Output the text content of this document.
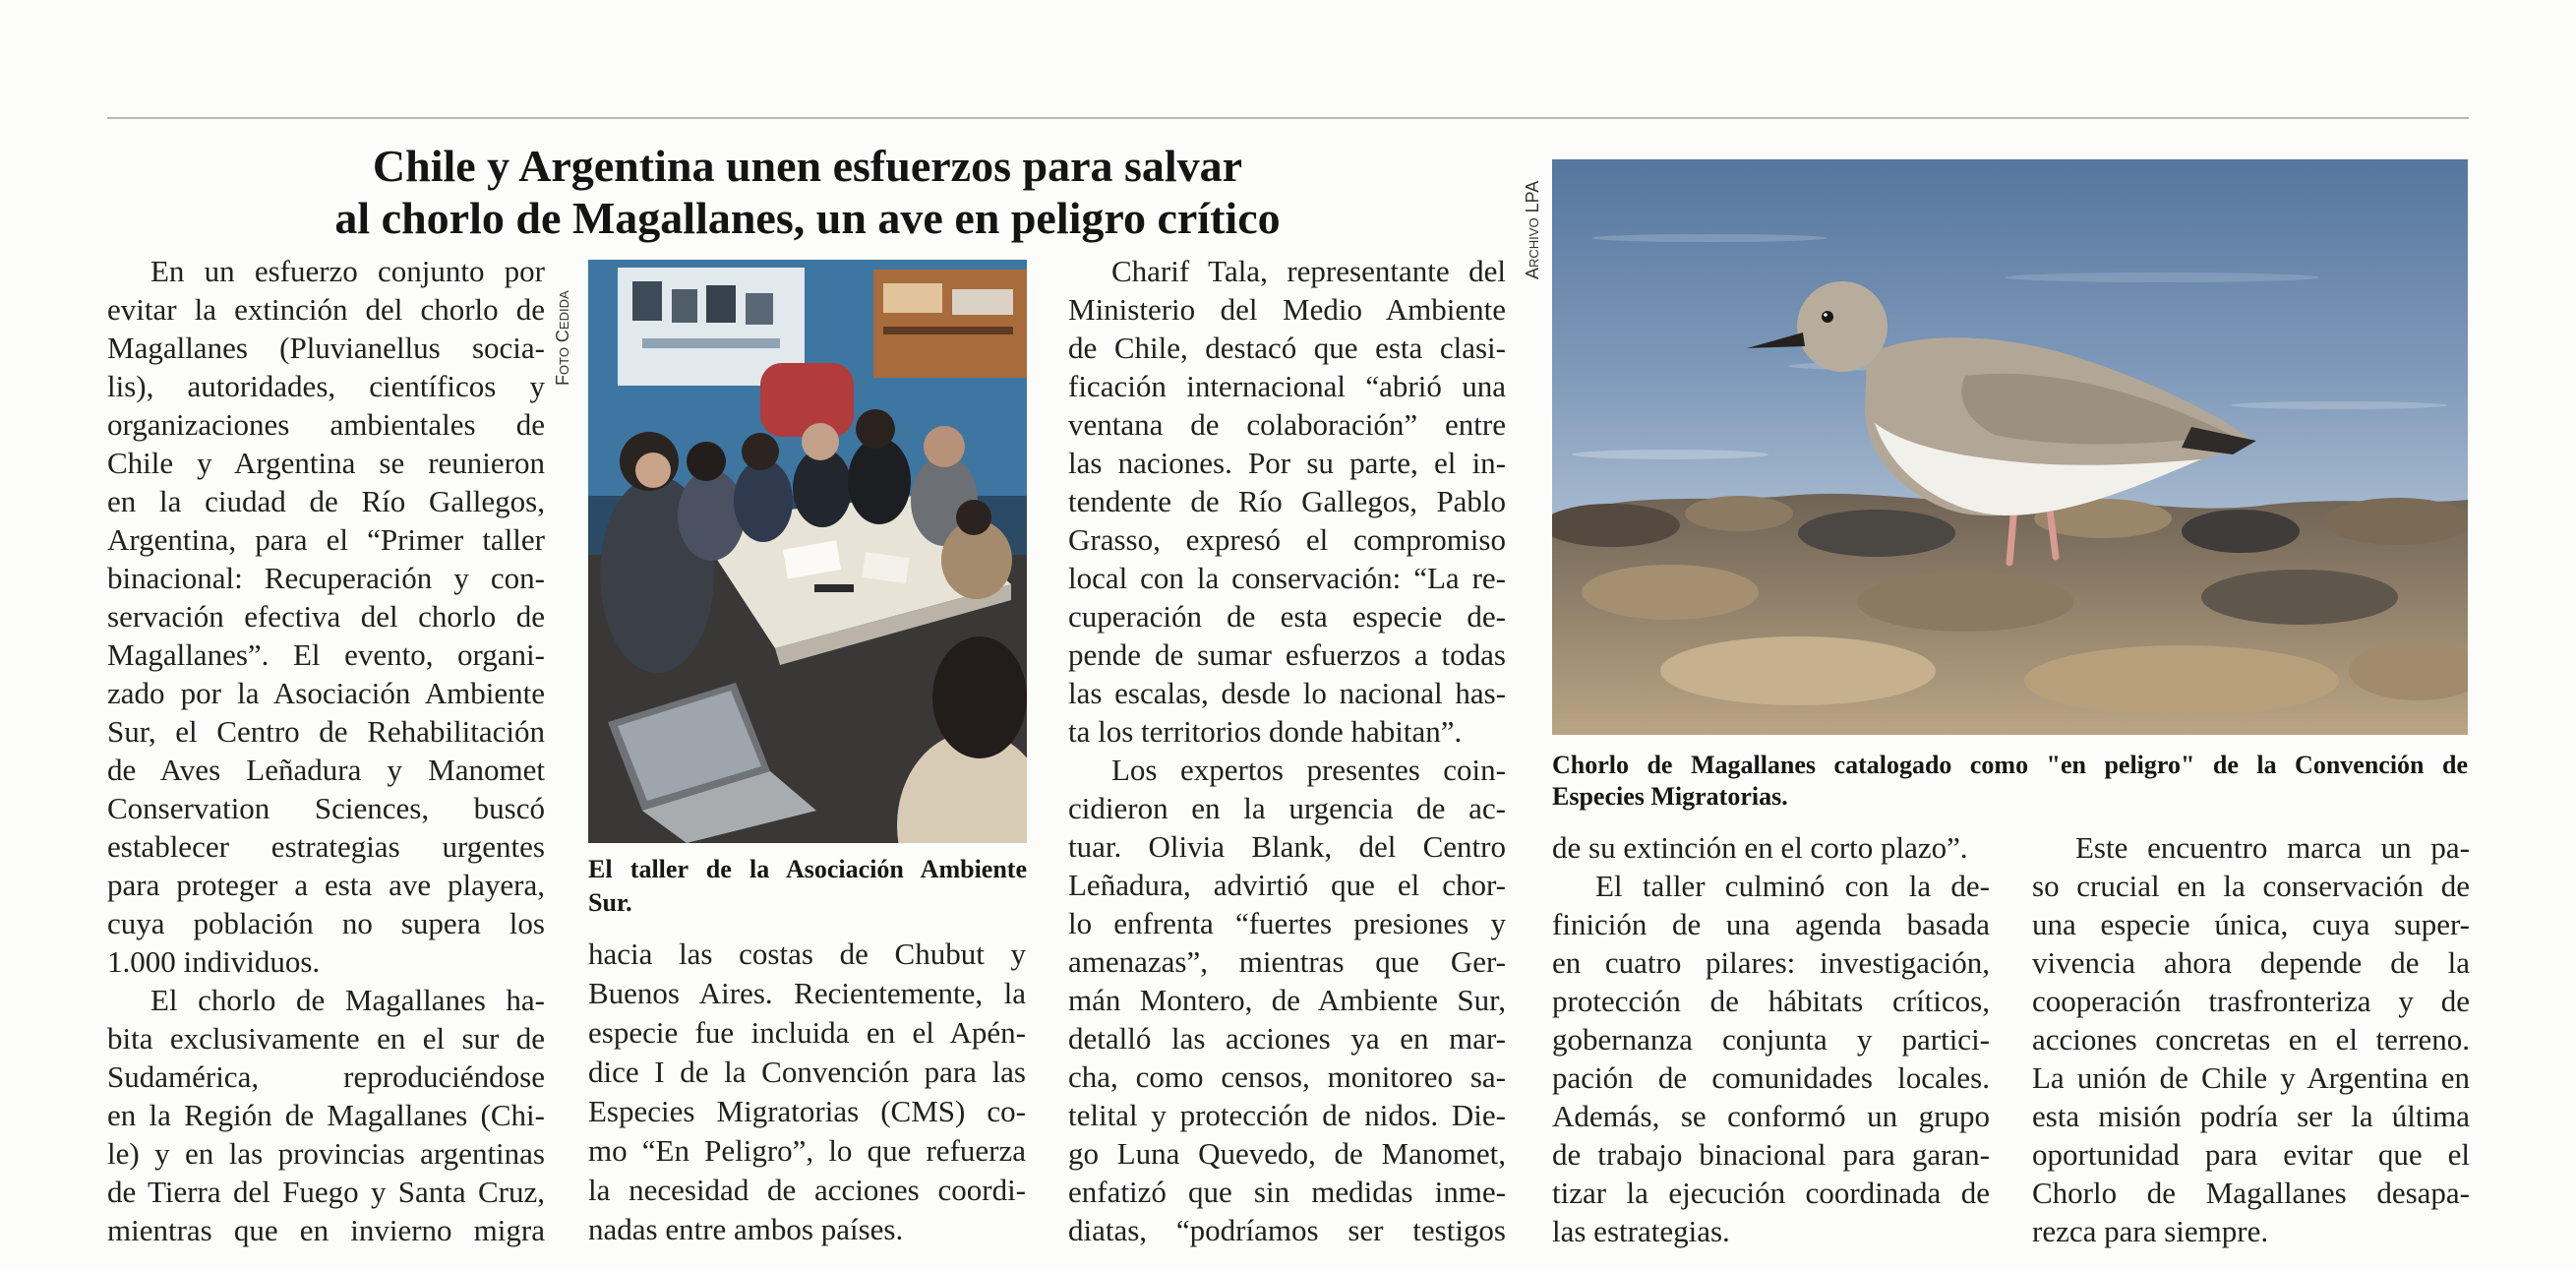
Chile y Argentina unen esfuerzos para salvar
al chorlo de Magallanes, un ave en peligro crítico
En un esfuerzo conjunto por
evitar la extinción del chorlo de
Magallanes (Pluvianellus socia-
lis), autoridades, científicos y
organizaciones ambientales de
Chile y Argentina se reunieron
en la ciudad de Río Gallegos,
Argentina, para el “Primer taller
binacional: Recuperación y con-
servación efectiva del chorlo de
Magallanes”. El evento, organi-
zado por la Asociación Ambiente
Sur, el Centro de Rehabilitación
de Aves Leñadura y Manomet
Conservation Sciences, buscó
establecer estrategias urgentes
para proteger a esta ave playera,
cuya población no supera los
1.000 individuos.
El chorlo de Magallanes ha-
bita exclusivamente en el sur de
Sudamérica, reproduciéndose
en la Región de Magallanes (Chi-
le) y en las provincias argentinas
de Tierra del Fuego y Santa Cruz,
mientras que en invierno migra
Foto Cedida
El taller de la Asociación Ambiente
Sur.
hacia las costas de Chubut y
Buenos Aires. Recientemente, la
especie fue incluida en el Apén-
dice I de la Convención para las
Especies Migratorias (CMS) co-
mo “En Peligro”, lo que refuerza
la necesidad de acciones coordi-
nadas entre ambos países.
Charif Tala, representante del
Ministerio del Medio Ambiente
de Chile, destacó que esta clasi-
ficación internacional “abrió una
ventana de colaboración” entre
las naciones. Por su parte, el in-
tendente de Río Gallegos, Pablo
Grasso, expresó el compromiso
local con la conservación: “La re-
cuperación de esta especie de-
pende de sumar esfuerzos a todas
las escalas, desde lo nacional has-
ta los territorios donde habitan”.
Los expertos presentes coin-
cidieron en la urgencia de ac-
tuar. Olivia Blank, del Centro
Leñadura, advirtió que el chor-
lo enfrenta “fuertes presiones y
amenazas”, mientras que Ger-
mán Montero, de Ambiente Sur,
detalló las acciones ya en mar-
cha, como censos, monitoreo sa-
telital y protección de nidos. Die-
go Luna Quevedo, de Manomet,
enfatizó que sin medidas inme-
diatas, “podríamos ser testigos
Archivo LPA
Chorlo de Magallanes catalogado como "en peligro" de la Convención de
Especies Migratorias.
de su extinción en el corto plazo”.
El taller culminó con la de-
finición de una agenda basada
en cuatro pilares: investigación,
protección de hábitats críticos,
gobernanza conjunta y partici-
pación de comunidades locales.
Además, se conformó un grupo
de trabajo binacional para garan-
tizar la ejecución coordinada de
las estrategias.
Este encuentro marca un pa-
so crucial en la conservación de
una especie única, cuya super-
vivencia ahora depende de la
cooperación trasfronteriza y de
acciones concretas en el terreno.
La unión de Chile y Argentina en
esta misión podría ser la última
oportunidad para evitar que el
Chorlo de Magallanes desapa-
rezca para siempre.
